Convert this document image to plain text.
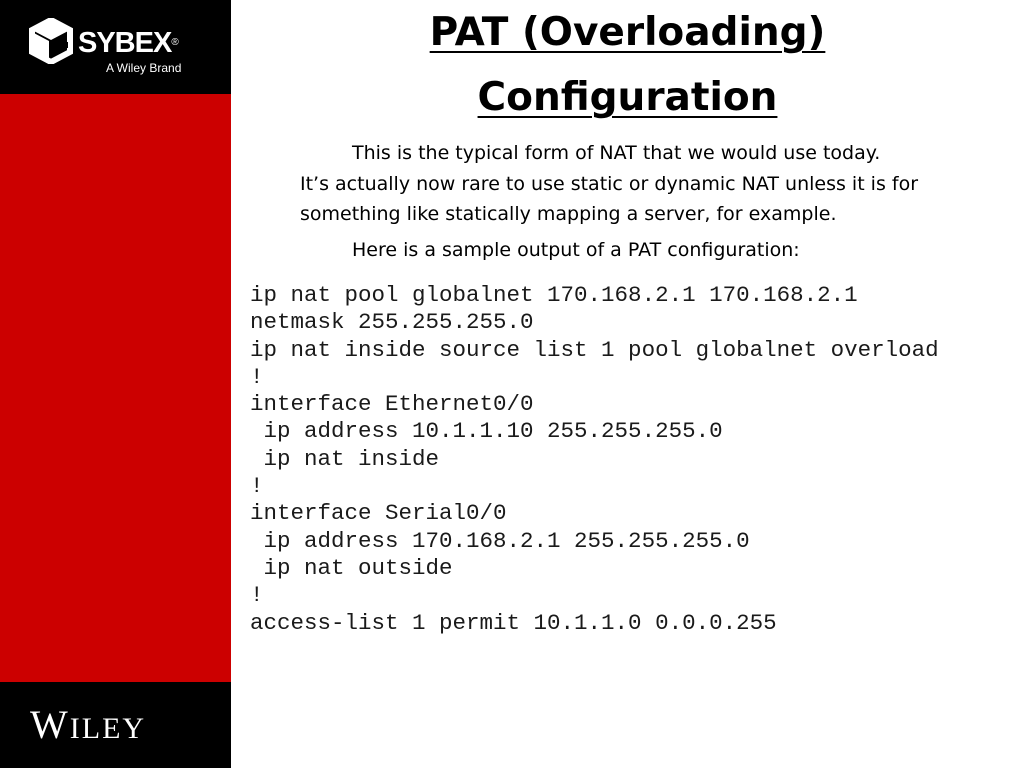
SYBEX®
A Wiley Brand
WILEY
PAT (Overloading)
Configuration

This is the typical form of NAT that we would use today.
It’s actually now rare to use static or dynamic NAT unless it is for something like statically mapping a server, for example.

Here is a sample output of a PAT configuration:

ip nat pool globalnet 170.168.2.1 170.168.2.1
netmask 255.255.255.0
ip nat inside source list 1 pool globalnet overload
!
interface Ethernet0/0
ip address 10.1.1.10 255.255.255.0
ip nat inside
!
interface Serial0/0
ip address 170.168.2.1 255.255.255.0
ip nat outside
!
access-list 1 permit 10.1.1.0 0.0.0.255
